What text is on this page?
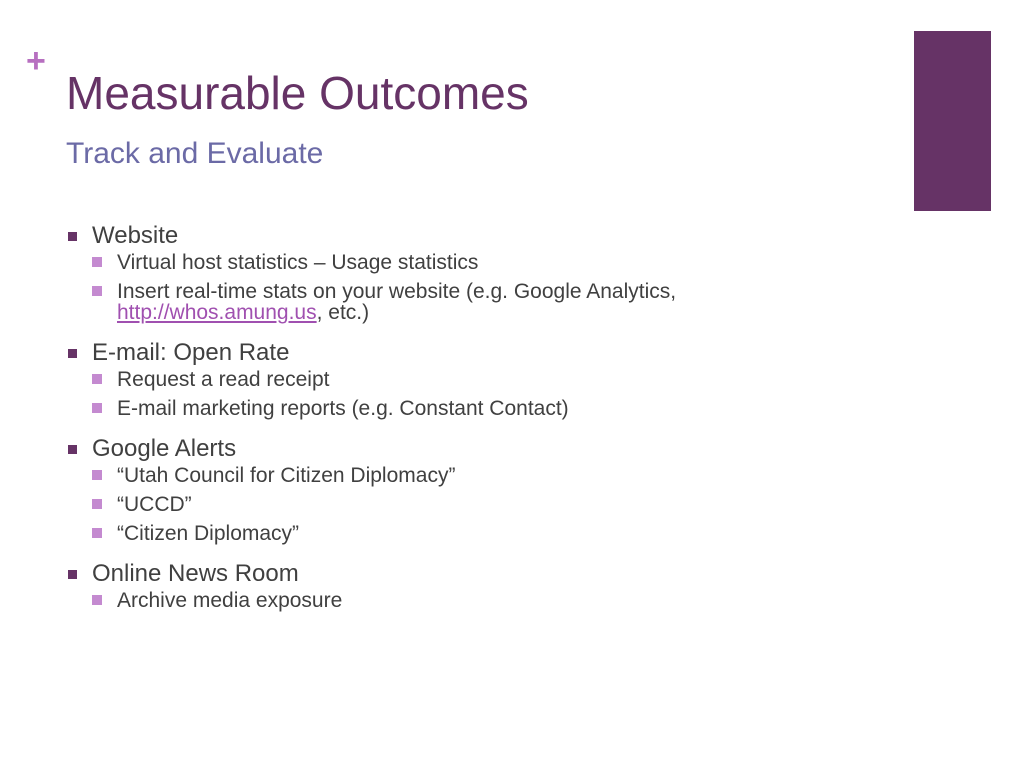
+
Measurable Outcomes
Track and Evaluate
Website
Virtual host statistics – Usage statistics
Insert real-time stats on your website (e.g. Google Analytics,
http://whos.amung.us, etc.)
E-mail: Open Rate
Request a read receipt
E-mail marketing reports (e.g. Constant Contact)
Google Alerts
“Utah Council for Citizen Diplomacy”
“UCCD”
“Citizen Diplomacy”
Online News Room
Archive media exposure
